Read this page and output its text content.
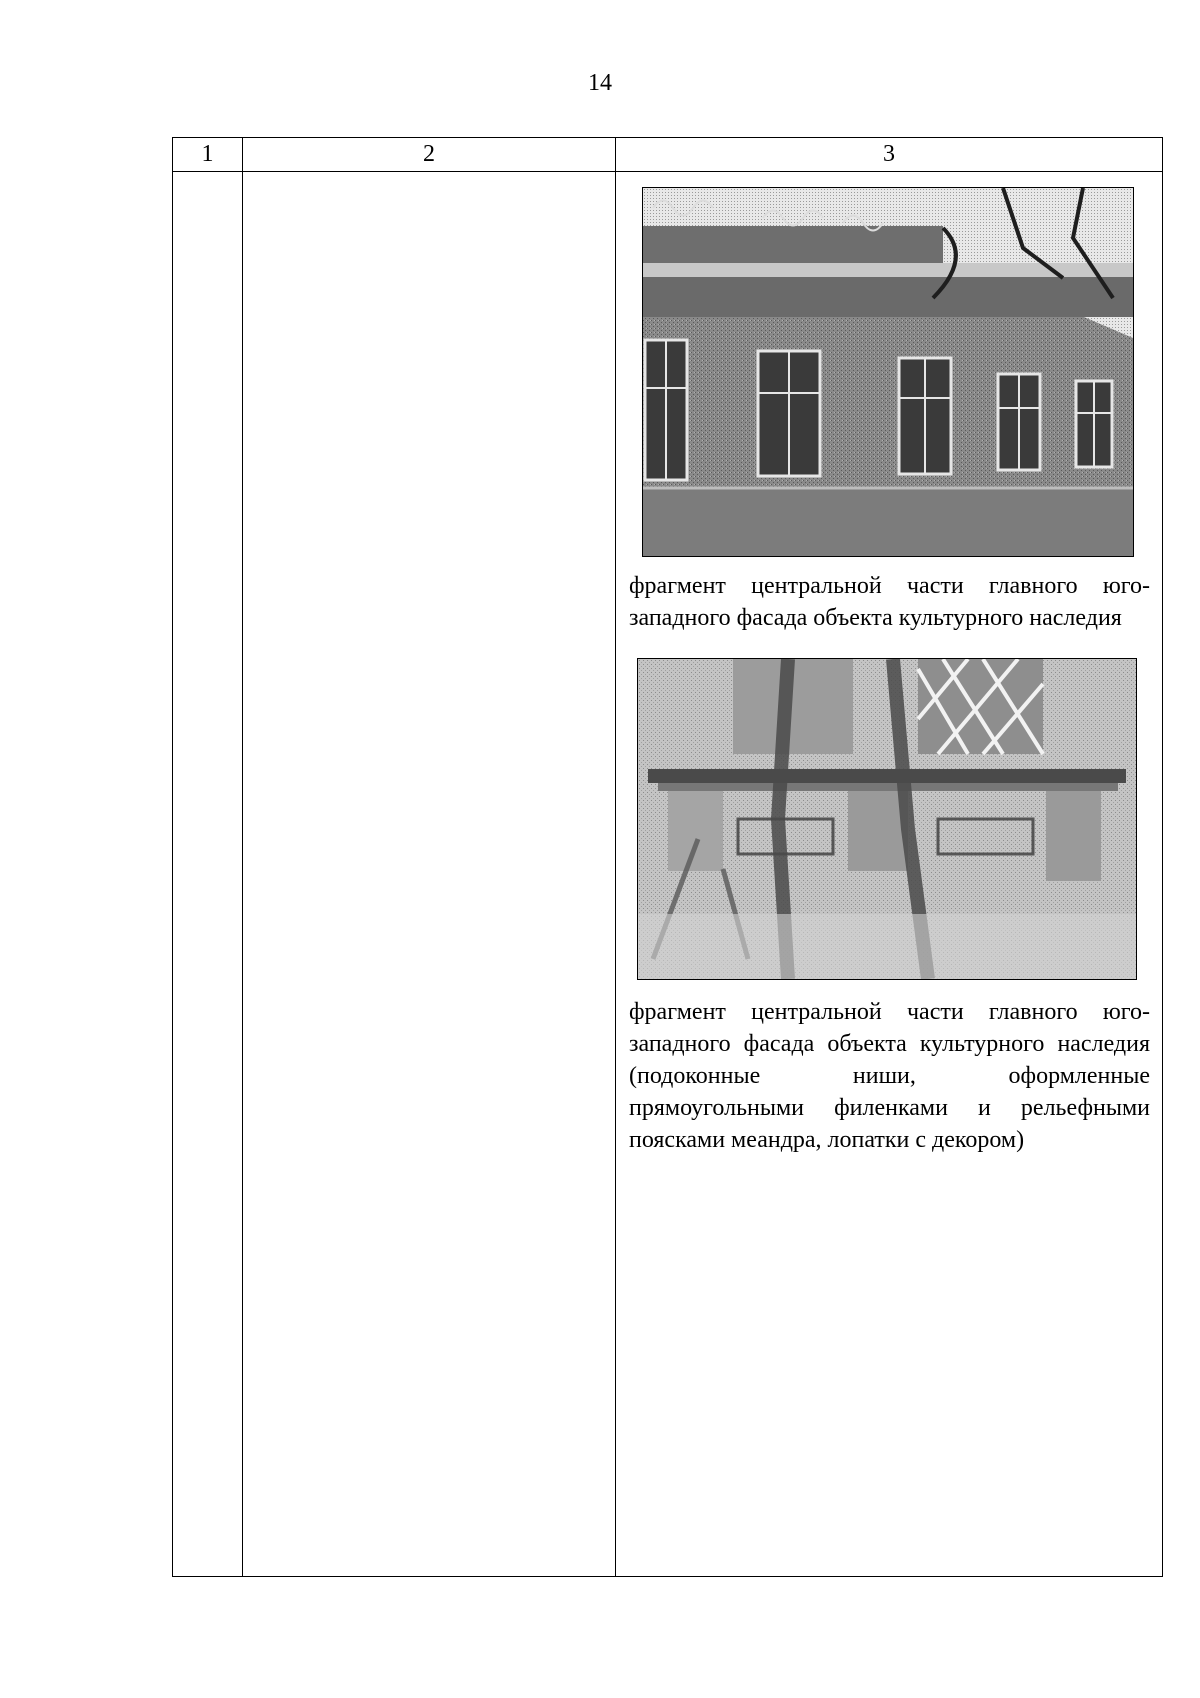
14
1	2	3

		фрагмент центральной части главного юго-западного фасада объекта культурного наследия
фрагмент центральной части главного юго-западного фасада объекта культурного наследия (подоконные ниши, оформленные прямоугольными филенками и рельефными поясками меандра, лопатки с декором)
